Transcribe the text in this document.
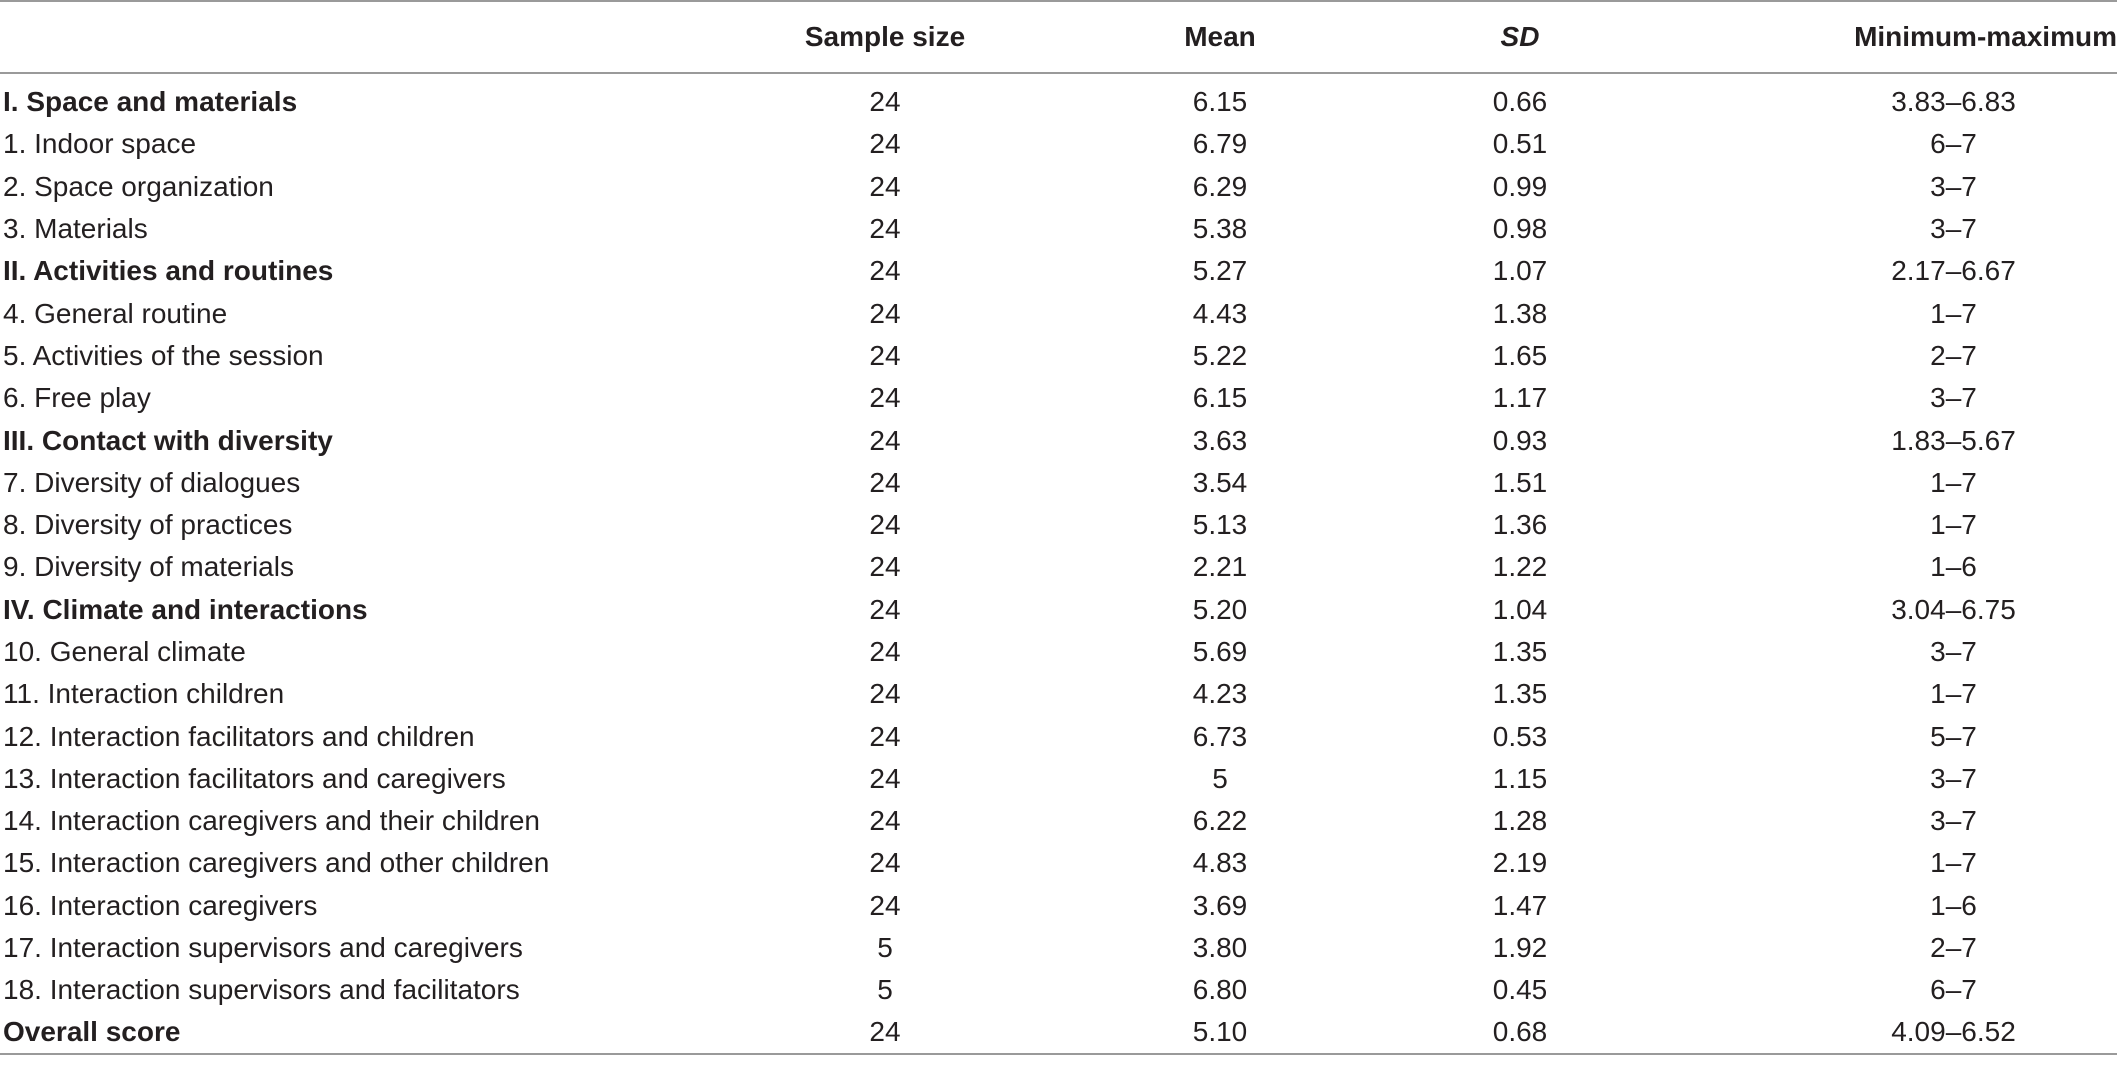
	Sample size	Mean	SD	Minimum-maximum

I. Space and materials	24	6.15	0.66	3.83–6.83
1. Indoor space	24	6.79	0.51	6–7
2. Space organization	24	6.29	0.99	3–7
3. Materials	24	5.38	0.98	3–7
II. Activities and routines	24	5.27	1.07	2.17–6.67
4. General routine	24	4.43	1.38	1–7
5. Activities of the session	24	5.22	1.65	2–7
6. Free play	24	6.15	1.17	3–7
III. Contact with diversity	24	3.63	0.93	1.83–5.67
7. Diversity of dialogues	24	3.54	1.51	1–7
8. Diversity of practices	24	5.13	1.36	1–7
9. Diversity of materials	24	2.21	1.22	1–6
IV. Climate and interactions	24	5.20	1.04	3.04–6.75
10. General climate	24	5.69	1.35	3–7
11. Interaction children	24	4.23	1.35	1–7
12. Interaction facilitators and children	24	6.73	0.53	5–7
13. Interaction facilitators and caregivers	24	5	1.15	3–7
14. Interaction caregivers and their children	24	6.22	1.28	3–7
15. Interaction caregivers and other children	24	4.83	2.19	1–7
16. Interaction caregivers	24	3.69	1.47	1–6
17. Interaction supervisors and caregivers	5	3.80	1.92	2–7
18. Interaction supervisors and facilitators	5	6.80	0.45	6–7
Overall score	24	5.10	0.68	4.09–6.52
